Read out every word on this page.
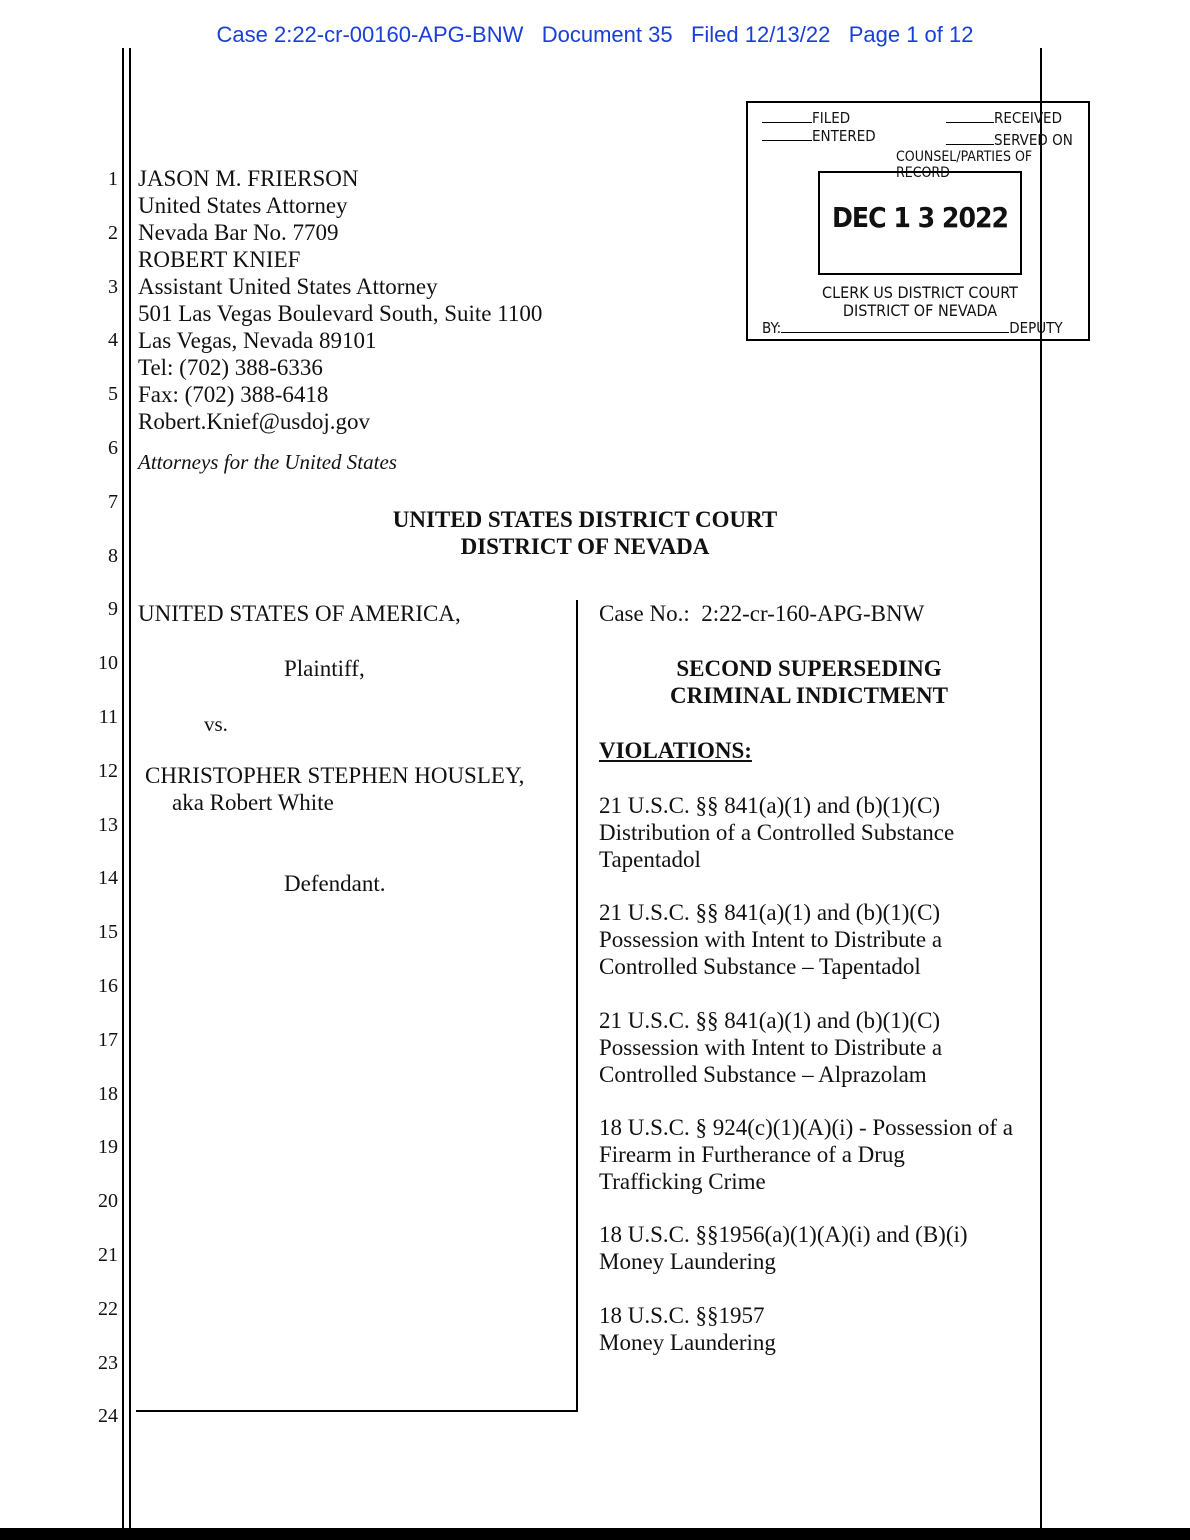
Case 2:22-cr-00160-APG-BNW Document 35 Filed 12/13/22 Page 1 of 12
1
2
3
4
5
6
7
8
9
10
11
12
13
14
15
16
17
18
19
20
21
22
23
24
JASON M. FRIERSON
United States Attorney
Nevada Bar No. 7709
ROBERT KNIEF
Assistant United States Attorney
501 Las Vegas Boulevard South, Suite 1100
Las Vegas, Nevada 89101
Tel: (702) 388-6336
Fax: (702) 388-6418
Robert.Knief@usdoj.gov
Attorneys for the United States
FILED	RECEIVED
ENTERED	SERVED ON
COUNSEL/PARTIES OF RECORD
DEC 1 3 2022
CLERK US DISTRICT COURT
DISTRICT OF NEVADA
BY:	DEPUTY
UNITED STATES DISTRICT COURT
DISTRICT OF NEVADA
UNITED STATES OF AMERICA,
Plaintiff,
vs.
CHRISTOPHER STEPHEN HOUSLEY,
aka Robert White
Defendant.
Case No.:  2:22-cr-160-APG-BNW
SECOND SUPERSEDING
CRIMINAL INDICTMENT
VIOLATIONS:
21 U.S.C. §§ 841(a)(1) and (b)(1)(C)
Distribution of a Controlled Substance
Tapentadol
21 U.S.C. §§ 841(a)(1) and (b)(1)(C)
Possession with Intent to Distribute a
Controlled Substance – Tapentadol
21 U.S.C. §§ 841(a)(1) and (b)(1)(C)
Possession with Intent to Distribute a
Controlled Substance – Alprazolam
18 U.S.C. § 924(c)(1)(A)(i) - Possession of a
Firearm in Furtherance of a Drug
Trafficking Crime
18 U.S.C. §§1956(a)(1)(A)(i) and (B)(i)
Money Laundering
18 U.S.C. §§1957
Money Laundering
